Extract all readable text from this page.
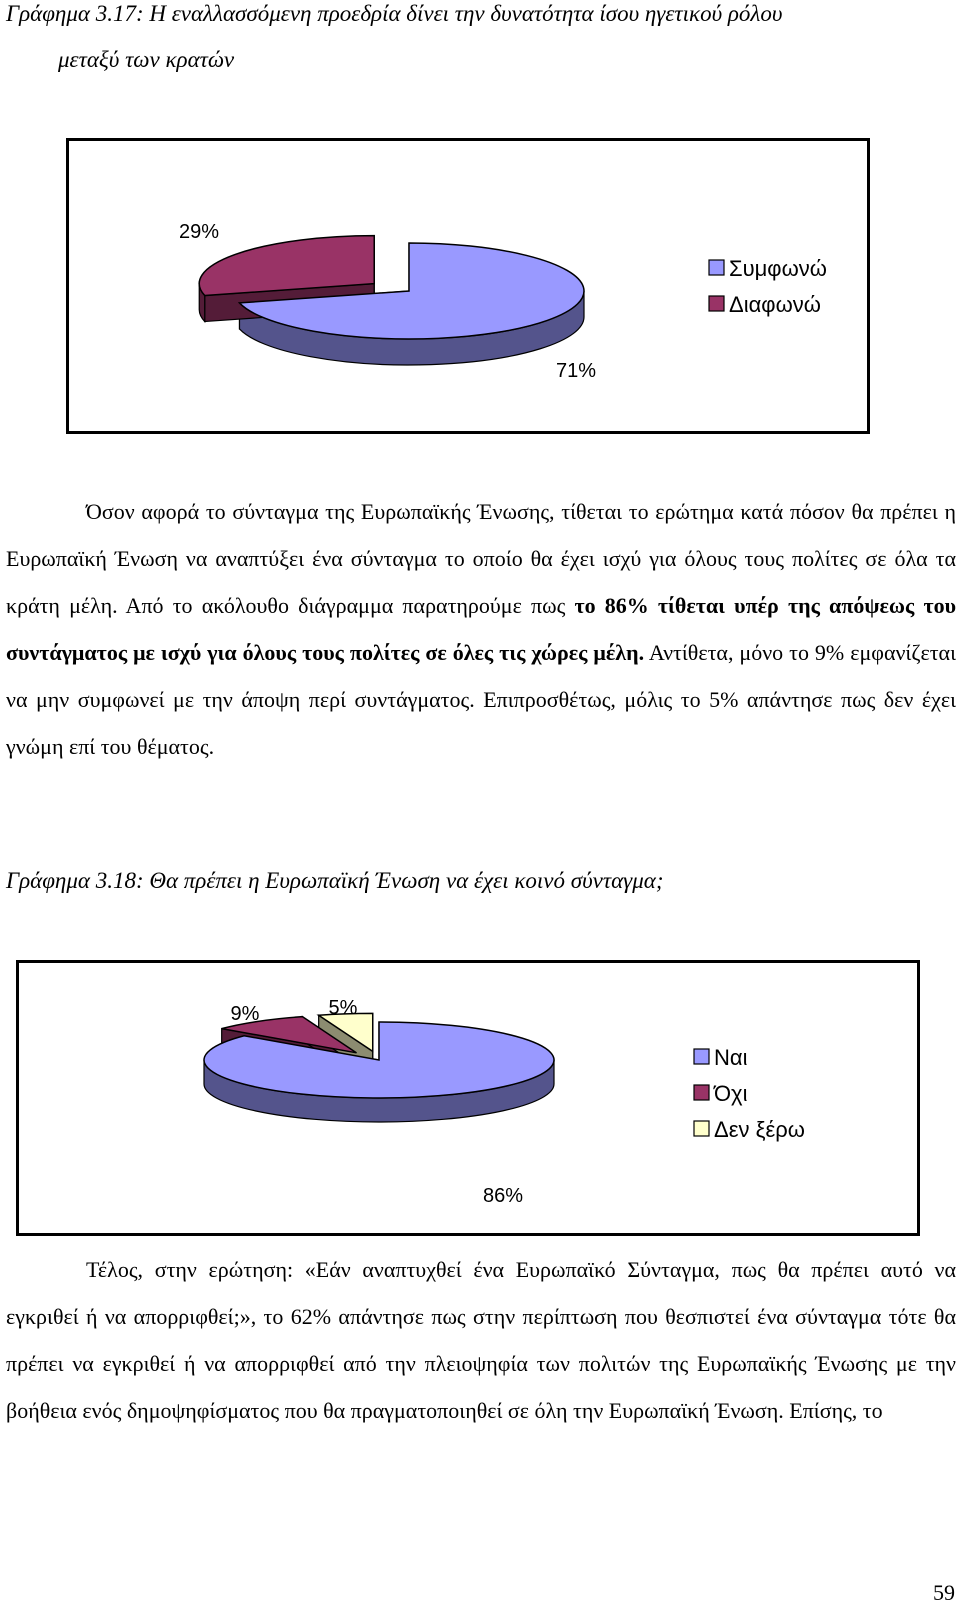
Γράφημα 3.17: Η εναλλασσόμενη προεδρία δίνει την δυνατότητα ίσου ηγετικού ρόλου

μεταξύ των κρατών

71%
29%
Συμφωνώ
Διαφωνώ

Όσον αφορά το σύνταγμα της Ευρωπαϊκής Ένωσης, τίθεται το ερώτημα κατά πόσον θα πρέπει η Ευρωπαϊκή Ένωση να αναπτύξει ένα σύνταγμα το οποίο θα έχει ισχύ για όλους τους πολίτες σε όλα τα κράτη μέλη. Από το ακόλουθο διάγραμμα παρατηρούμε πως το 86% τίθεται υπέρ της απόψεως του συντάγματος με ισχύ για όλους τους πολίτες σε όλες τις χώρες μέλη. Αντίθετα, μόνο το 9% εμφανίζεται να μην συμφωνεί με την άποψη περί συντάγματος. Επιπροσθέτως, μόλις το 5% απάντησε πως δεν έχει γνώμη επί του θέματος.

Γράφημα 3.18: Θα πρέπει η Ευρωπαϊκή Ένωση να έχει κοινό σύνταγμα;

86%
9%	5%
Ναι
Όχι
Δεν ξέρω

Τέλος, στην ερώτηση: «Εάν αναπτυχθεί ένα Ευρωπαϊκό Σύνταγμα, πως θα πρέπει αυτό να εγκριθεί ή να απορριφθεί;», το 62% απάντησε πως στην περίπτωση που θεσπιστεί ένα σύνταγμα τότε θα πρέπει να εγκριθεί ή να απορριφθεί από την πλειοψηφία των πολιτών της Ευρωπαϊκής Ένωσης με την βοήθεια ενός δημοψηφίσματος που θα πραγματοποιηθεί σε όλη την Ευρωπαϊκή Ένωση. Επίσης, το

59
